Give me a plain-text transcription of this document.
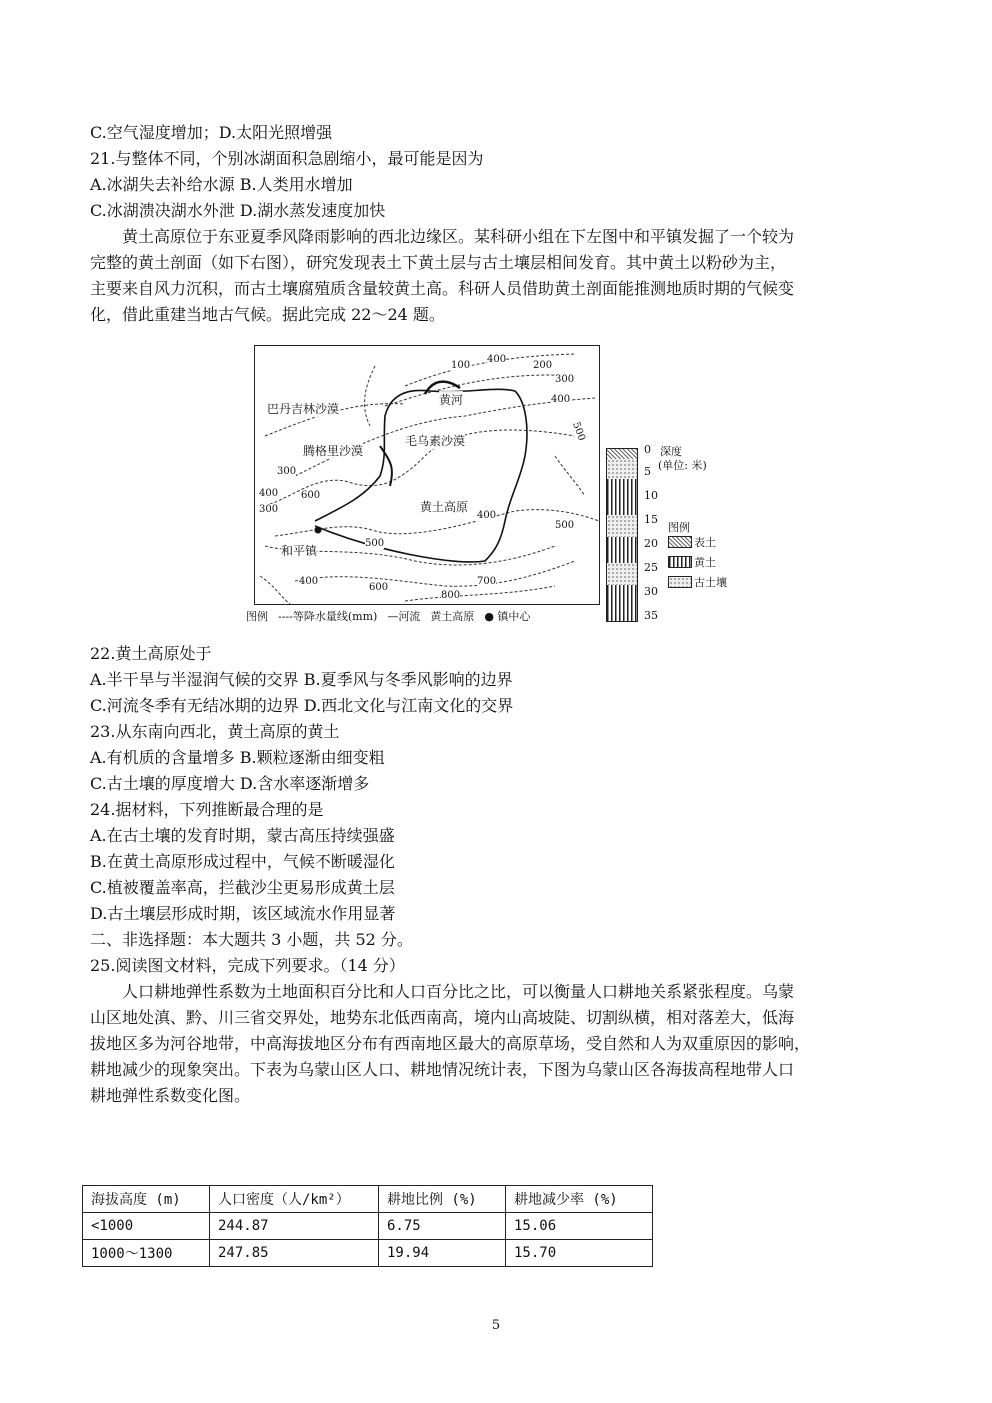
C.空气湿度增加；D.太阳光照增强
21.与整体不同，个别冰湖面积急剧缩小，最可能是因为
A.冰湖失去补给水源 B.人类用水增加
C.冰湖溃决湖水外泄 D.湖水蒸发速度加快
黄土高原位于东亚夏季风降雨影响的西北边缘区。某科研小组在下左图中和平镇发掘了一个较为
完整的黄土剖面（如下右图），研究发现表土下黄土层与古土壤层相间发育。其中黄土以粉砂为主，
主要来自风力沉积，而古土壤腐殖质含量较黄土高。科研人员借助黄土剖面能推测地质时期的气候变
化，借此重建当地古气候。据此完成 22～24 题。
巴丹吉林沙漠
腾格里沙漠
毛乌素沙漠
黄河
黄土高原
和平镇
100	200
300
400
500
300
400
300
600
400
600
800
700
500
400
500
400
图例 ----等降水量线(mm) —河流 黄土高原 ● 镇中心
0 深度
(单位: 米)
5
10
15
20
25
30
35
图例
表土
黄土
古土壤
22.黄土高原处于
A.半干旱与半湿润气候的交界 B.夏季风与冬季风影响的边界
C.河流冬季有无结冰期的边界 D.西北文化与江南文化的交界
23.从东南向西北，黄土高原的黄土
A.有机质的含量增多 B.颗粒逐渐由细变粗
C.古土壤的厚度增大 D.含水率逐渐增多
24.据材料，下列推断最合理的是
A.在古土壤的发育时期，蒙古高压持续强盛
B.在黄土高原形成过程中，气候不断暖湿化
C.植被覆盖率高，拦截沙尘更易形成黄土层
D.古土壤层形成时期，该区域流水作用显著
二、非选择题：本大题共 3 小题，共 52 分。
25.阅读图文材料，完成下列要求。（14 分）
人口耕地弹性系数为土地面积百分比和人口百分比之比，可以衡量人口耕地关系紧张程度。乌蒙
山区地处滇、黔、川三省交界处，地势东北低西南高，境内山高坡陡、切割纵横，相对落差大，低海
拔地区多为河谷地带，中高海拔地区分布有西南地区最大的高原草场，受自然和人为双重原因的影响，
耕地减少的现象突出。下表为乌蒙山区人口、耕地情况统计表，下图为乌蒙山区各海拔高程地带人口
耕地弹性系数变化图。
海拔高度 (m)	人口密度（人/km²）	耕地比例 (%)	耕地减少率 (%)
<1000	244.87	6.75	15.06
1000～1300	247.85	19.94	15.70
5
